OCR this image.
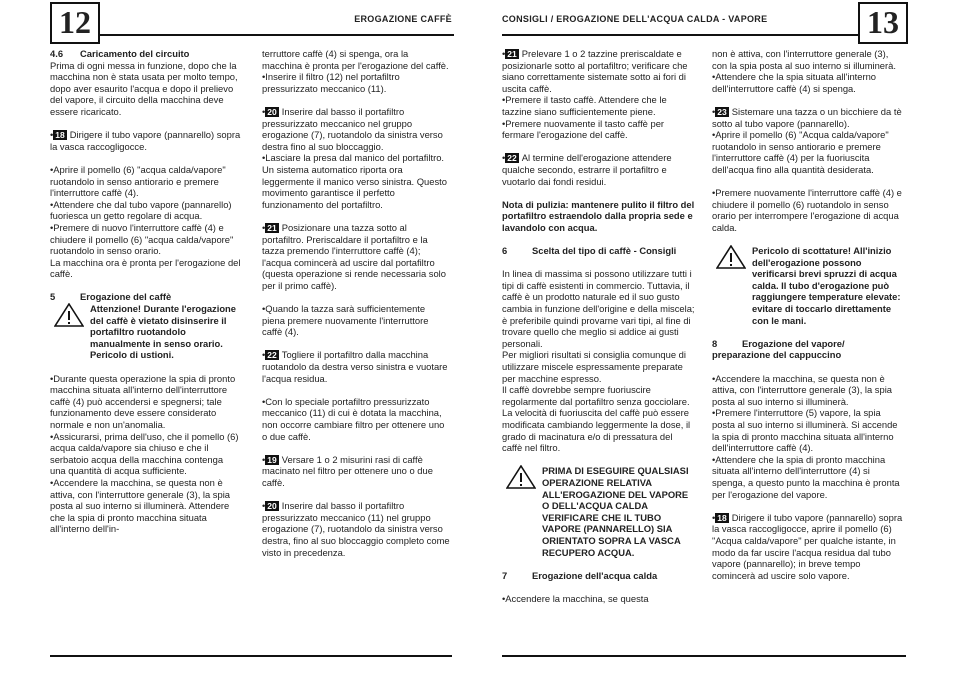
12	EROGAZIONE CAFFÈ

4.6 Caricamento del circuito

Prima di ogni messa in funzione, dopo che la macchina non è stata usata per molto tempo, dopo aver esaurito l'acqua e dopo il prelievo del vapore, il circuito della macchina deve essere ricaricato.

• 18 Dirigere il tubo vapore (pannarello) sopra la vasca raccogligocce.

•Aprire il pomello (6) "acqua calda/vapore" ruotandolo in senso antiorario e premere l'interruttore caffè (4).

•Attendere che dal tubo vapore (pannarello) fuoriesca un getto regolare di acqua.

•Premere di nuovo l'interruttore caffè (4) e chiudere il pomello (6) "acqua calda/vapore" ruotandolo in senso orario.

La macchina ora è pronta per l'erogazione del caffè.

5	Erogazione del caffè

Attenzione! Durante l'erogazione del caffè è vietato disinserire il portafiltro ruotandolo manualmente in senso orario. Pericolo di ustioni.

•Durante questa operazione la spia di pronto macchina situata all'interno dell'interruttore caffè (4) può accendersi e spegnersi; tale funzionamento deve essere considerato normale e non un'anomalia.

•Assicurarsi, prima dell'uso, che il pomello (6) acqua calda/vapore sia chiuso e che il serbatoio acqua della macchina contenga una quantità di acqua sufficiente.

•Accendere la macchina, se questa non è attiva, con l'interruttore generale (3), la spia posta al suo interno si illuminerà. Attendere che la spia di pronto macchina situata all'interno dell'in-

terruttore caffè (4) si spenga, ora la macchina è pronta per l'erogazione del caffè.

•Inserire il filtro (12) nel portafiltro pressurizzato meccanico (11).

• 20 Inserire dal basso il portafiltro pressurizzato meccanico nel gruppo erogazione (7), ruotandolo da sinistra verso destra fino al suo bloccaggio.

•Lasciare la presa dal manico del portafiltro. Un sistema automatico riporta ora leggermente il manico verso sinistra. Questo movimento garantisce il perfetto funzionamento del portafiltro.

• 21 Posizionare una tazza sotto al portafiltro. Preriscaldare il portafiltro e la tazza premendo l'interruttore caffè (4); l'acqua comincerà ad uscire dal portafiltro (questa operazione si rende necessaria solo per il primo caffè).

•Quando la tazza sarà sufficientemente piena premere nuovamente l'interruttore caffè (4).

• 22 Togliere il portafiltro dalla macchina ruotandolo da destra verso sinistra e vuotare l'acqua residua.

•Con lo speciale portafiltro pressurizzato meccanico (11) di cui è dotata la macchina, non occorre cambiare filtro per ottenere uno o due caffè.

• 19 Versare 1 o 2 misurini rasi di caffè macinato nel filtro per ottenere uno o due caffè.

• 20 Inserire dal basso il portafiltro pressurizzato meccanico (11) nel gruppo erogazione (7), ruotandolo da sinistra verso destra, fino al suo bloccaggio completo come visto in precedenza.

13
CONSIGLI / EROGAZIONE DELL'ACQUA CALDA - VAPORE

• 21 Prelevare 1 o 2 tazzine preriscaldate e posizionarle sotto al portafiltro; verificare che siano correttamente sistemate sotto ai fori di uscita caffè.

•Premere il tasto caffè. Attendere che le tazzine siano sufficientemente piene.

•Premere nuovamente il tasto caffè per fermare l'erogazione del caffè.

• 22 Al termine dell'erogazione attendere qualche secondo, estrarre il portafiltro e vuotarlo dai fondi residui.

Nota di pulizia: mantenere pulito il filtro del portafiltro estraendolo dalla propria sede e lavandolo con acqua.

6	Scelta del tipo di caffè - Consigli

In linea di massima si possono utilizzare tutti i tipi di caffè esistenti in commercio. Tuttavia, il caffè è un prodotto naturale ed il suo gusto cambia in funzione dell'origine e della miscela; è preferibile quindi provarne vari tipi, al fine di trovare quello che meglio si addice ai gusti personali.

Per migliori risultati si consiglia comunque di utilizzare miscele espressamente preparate per macchine espresso.

Il caffè dovrebbe sempre fuoriuscire regolarmente dal portafiltro senza gocciolare. La velocità di fuoriuscita del caffè può essere modificata cambiando leggermente la dose, il grado di macinatura e/o di pressatura del caffè nel filtro.

PRIMA DI ESEGUIRE QUALSIASI OPERAZIONE RELATIVA ALL'EROGAZIONE DEL VAPORE O DELL'ACQUA CALDA VERIFICARE CHE IL TUBO VAPORE (PANNARELLO) SIA ORIENTATO SOPRA LA VASCA RECUPERO ACQUA.

7	Erogazione dell'acqua calda

•Accendere la macchina, se questa

non è attiva, con l'interruttore generale (3), con la spia posta al suo interno si illuminerà.

•Attendere che la spia situata all'interno dell'interruttore caffè (4) si spenga.

• 23 Sistemare una tazza o un bicchiere da tè sotto al tubo vapore (pannarello).

•Aprire il pomello (6) "Acqua calda/vapore" ruotandolo in senso antiorario e premere l'interruttore caffè (4) per la fuoriuscita dell'acqua fino alla quantità desiderata.

•Premere nuovamente l'interruttore caffè (4) e chiudere il pomello (6) ruotandolo in senso orario per interrompere l'erogazione di acqua calda.

Pericolo di scottature! All'inizio dell'erogazione possono verificarsi brevi spruzzi di acqua calda. Il tubo d'erogazione può raggiungere temperature elevate: evitare di toccarlo direttamente con le mani.

8	Erogazione del vapore/ preparazione del cappuccino

•Accendere la macchina, se questa non è attiva, con l'interruttore generale (3), la spia posta al suo interno si illuminerà.

•Premere l'interruttore (5) vapore, la spia posta al suo interno si illuminerà. Si accende la spia di pronto macchina situata all'interno dell'interruttore caffè (4).

•Attendere che la spia di pronto macchina situata all'interno dell'interruttore (4) si spenga, a questo punto la macchina è pronta per l'erogazione del vapore.

• 18 Dirigere il tubo vapore (pannarello) sopra la vasca raccogligocce, aprire il pomello (6) "Acqua calda/vapore" per qualche istante, in modo da far uscire l'acqua residua dal tubo vapore (pannarello); in breve tempo comincerà ad uscire solo vapore.
